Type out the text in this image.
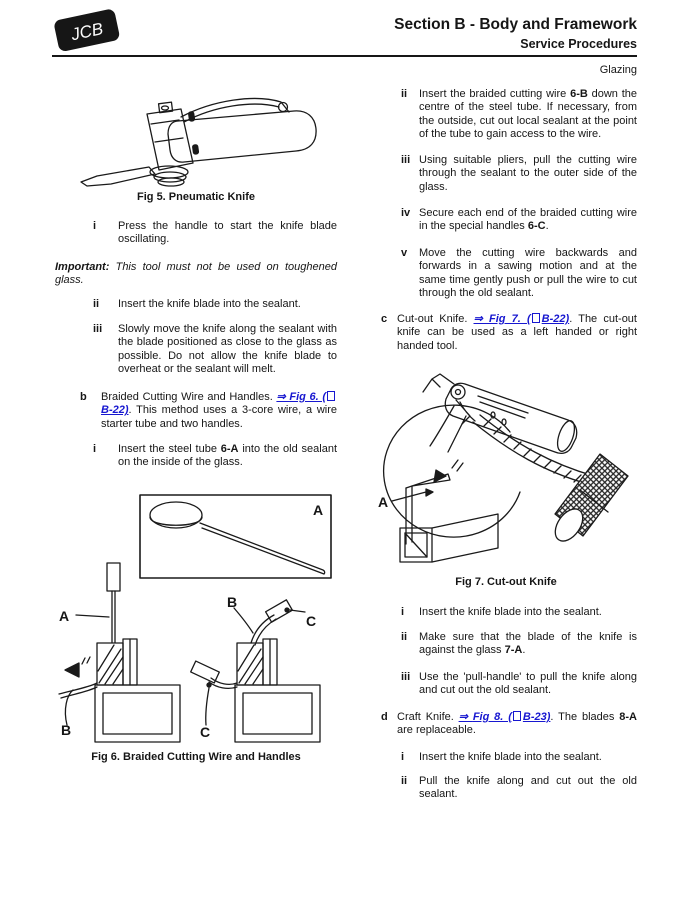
JCB	Section B - Body and Framework
Service Procedures
Glazing
Fig 5. Pneumatic Knife
i	Press the handle to start the knife blade oscillating.
Important: This tool must not be used on toughened glass.
ii	Insert the knife blade into the sealant.
iii	Slowly move the knife along the sealant with the blade positioned as close to the glass as possible. Do not allow the knife blade to overheat or the sealant will melt.
b	Braided Cutting Wire and Handles. ⇒ Fig 6. (B-22). This method uses a 3-core wire, a wire starter tube and two handles.
i	Insert the steel tube 6-A into the old sealant on the inside of the glass.
A
A
B
B
C
C
Fig 6. Braided Cutting Wire and Handles
ii	Insert the braided cutting wire 6-B down the centre of the steel tube. If necessary, from the outside, cut out local sealant at the point of the tube to gain access to the wire.
iii Using suitable pliers, pull the cutting wire through the sealant to the outer side of the glass.
iv Secure each end of the braided cutting wire in the special handles 6-C.
v	Move the cutting wire backwards and forwards in a sawing motion and at the same time gently push or pull the wire to cut through the old sealant.
c Cut-out Knife. ⇒ Fig 7. ( B-22). The cut-out knife can be used as a left handed or right handed tool.
A
Fig 7. Cut-out Knife
i	Insert the knife blade into the sealant.
ii	Make sure that the blade of the knife is against the glass 7-A.
iii Use the 'pull-handle' to pull the knife along and cut out the old sealant.
d Craft Knife. ⇒ Fig 8. ( B-23). The blades 8-A are replaceable.
i	Insert the knife blade into the sealant.
ii	Pull the knife along and cut out the old sealant.
